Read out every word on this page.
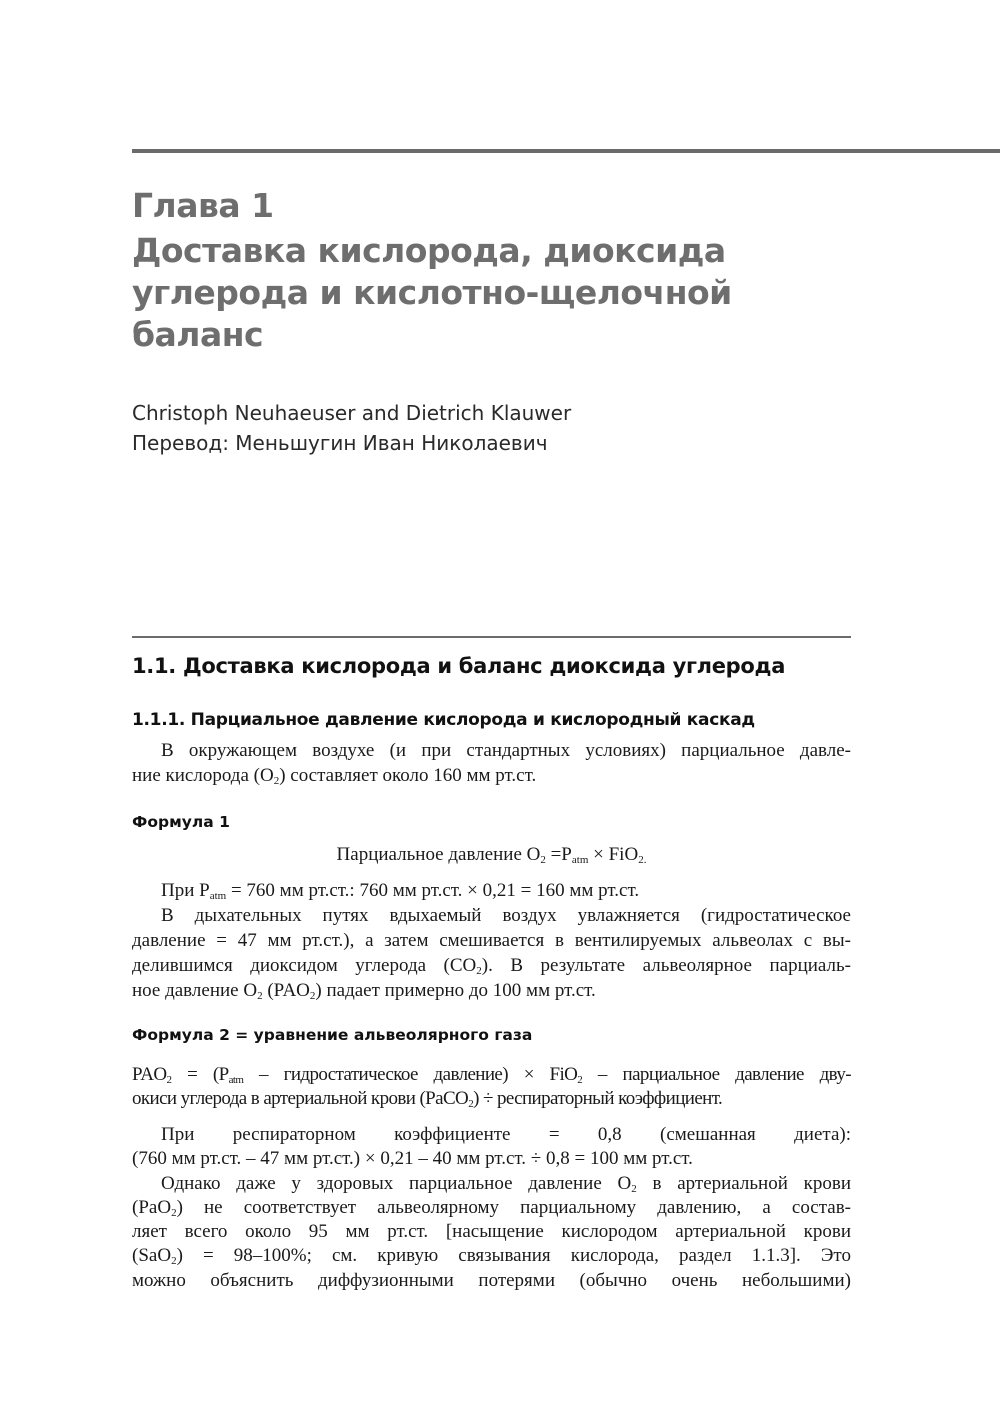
Глава 1
Доставка кислорода, диоксида
углерода и кислотно-щелочной
баланс
Christoph Neuhaeuser and Dietrich Klauwer
Перевод: Меньшугин Иван Николаевич
1.1. Доставка кислорода и баланс диоксида углерода
1.1.1. Парциальное давление кислорода и кислородный каскад
В окружающем воздухе (и при стандартных условиях) парциальное давле-
ние кислорода $(O_2)$ составляет около 160 мм рт.ст.
Формула 1
Парциальное давление $O_2 =P_{atm} \times FiO_{2.}$
При $P_{atm} = 760$ мм рт.ст.: 760 мм рт.ст. × 0,21 = 160 мм рт.ст.
В дыхательных путях вдыхаемый воздух увлажняется (гидростатическое
давление = 47 мм рт.ст.), а затем смешивается в вентилируемых альвеолах с вы-
делившимся диоксидом углерода $(CO_2)$. В результате альвеолярное парциаль-
ное давление $O_2$ $(PAO_2)$ падает примерно до 100 мм рт.ст.
Формула 2 = уравнение альвеолярного газа
$PAO_2 = (P_{atm}$ – гидростатическое давление) × FiO$_2$ – парциальное давление дву-
окиси углерода в артериальной крови (PaCO$_2$) ÷ респираторный коэффициент.
При респираторном коэффициенте = 0,8 (смешанная диета):
(760 мм рт.ст. – 47 мм рт.ст.) × 0,21 – 40 мм рт.ст. ÷ 0,8 = 100 мм рт.ст.
Однако даже у здоровых парциальное давление $O_2$ в артериальной крови
(PaO$_2$) не соответствует альвеолярному парциальному давлению, а состав-
ляет всего около 95 мм рт.ст. [насыщение кислородом артериальной крови
(SaO$_2$) = 98–100%; см. кривую связывания кислорода, раздел 1.1.3]. Это
можно объяснить диффузионными потерями (обычно очень небольшими)
